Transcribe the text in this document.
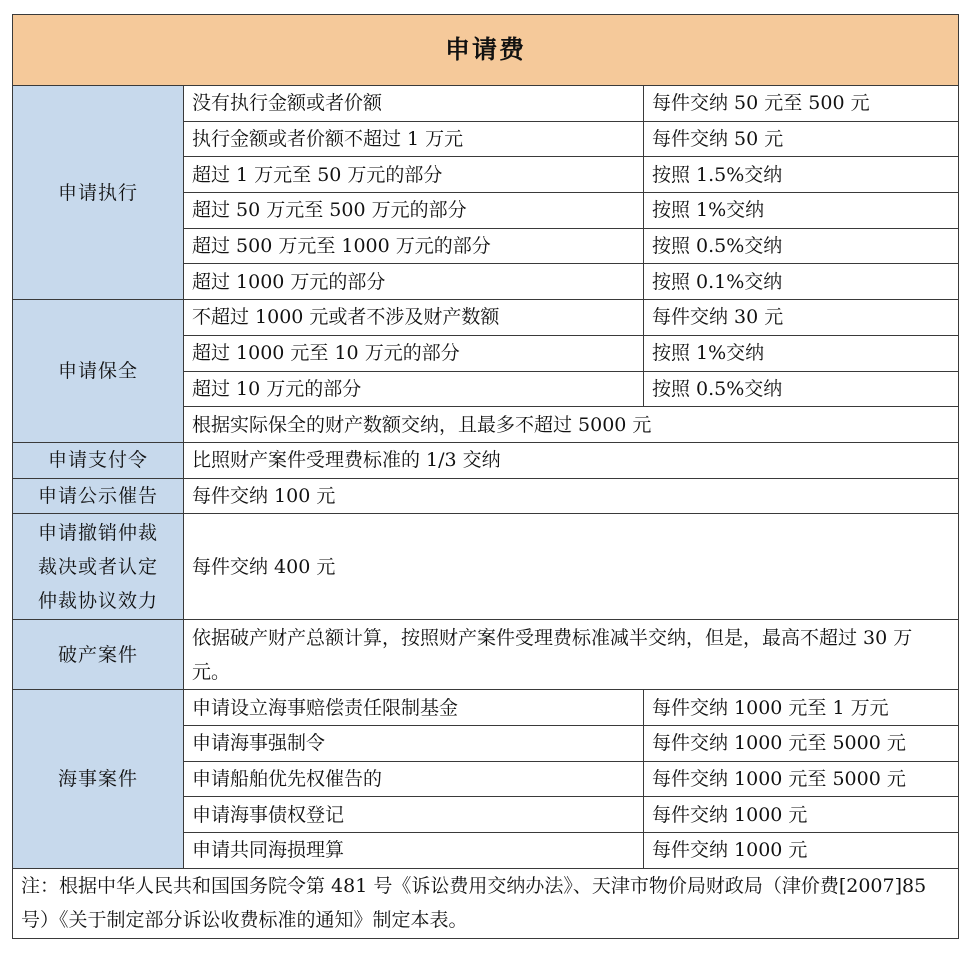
申请费		
申请执行	没有执行金额或者价额	每件交纳 50 元至 500 元
	执行金额或者价额不超过 1 万元	每件交纳 50 元
	超过 1 万元至 50 万元的部分	按照 1.5%交纳
	超过 50 万元至 500 万元的部分	按照 1%交纳
	超过 500 万元至 1000 万元的部分	按照 0.5%交纳
	超过 1000 万元的部分	按照 0.1%交纳
申请保全	不超过 1000 元或者不涉及财产数额	每件交纳 30 元
	超过 1000 元至 10 万元的部分	按照 1%交纳
	超过 10 万元的部分	按照 0.5%交纳
	根据实际保全的财产数额交纳，且最多不超过 5000 元	
申请支付令	比照财产案件受理费标准的 1/3 交纳	
申请公示催告	每件交纳 100 元	

申请撤销仲裁
裁决或者认定
仲裁协议效力	每件交纳 400 元	
破产案件	依据破产财产总额计算，按照财产案件受理费标准减半交纳，但是，最高不超过 30 万元。	
海事案件	申请设立海事赔偿责任限制基金	每件交纳 1000 元至 1 万元
	申请海事强制令	每件交纳 1000 元至 5000 元
	申请船舶优先权催告的	每件交纳 1000 元至 5000 元
	申请海事债权登记	每件交纳 1000 元
	申请共同海损理算	每件交纳 1000 元
注：根据中华人民共和国国务院令第 481 号《诉讼费用交纳办法》、天津市物价局财政局（津价费[2007]85 号）《关于制定部分诉讼收费标准的通知》制定本表。		
